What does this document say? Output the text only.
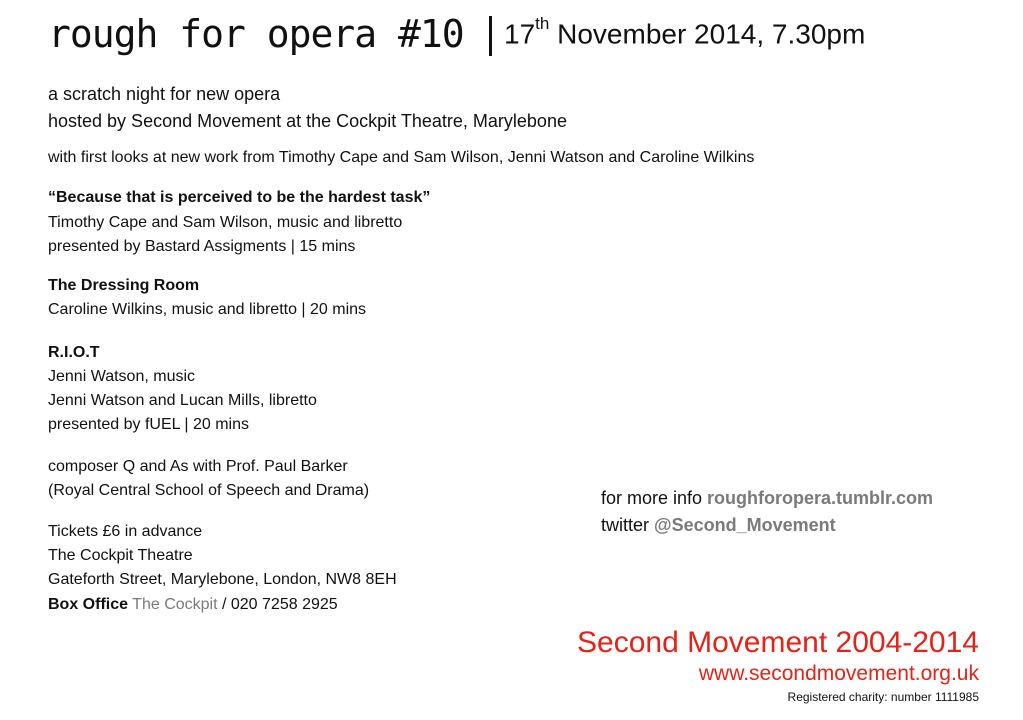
rough for opera #10 17th November 2014, 7.30pm
a scratch night for new opera
hosted by Second Movement at the Cockpit Theatre, Marylebone
with first looks at new work from Timothy Cape and Sam Wilson, Jenni Watson and Caroline Wilkins
“Because that is perceived to be the hardest task”
Timothy Cape and Sam Wilson, music and libretto
presented by Bastard Assigments | 15 mins
The Dressing Room
Caroline Wilkins, music and libretto | 20 mins
R.I.O.T
Jenni Watson, music
Jenni Watson and Lucan Mills, libretto
presented by fUEL | 20 mins
composer Q and As with Prof. Paul Barker
(Royal Central School of Speech and Drama)
Tickets £6 in advance
The Cockpit Theatre
Gateforth Street, Marylebone, London, NW8 8EH
Box Office The Cockpit / 020 7258 2925
for more info roughforopera.tumblr.com
twitter @Second_Movement
Second Movement 2004-2014
www.secondmovement.org.uk
Registered charity: number 1111985
